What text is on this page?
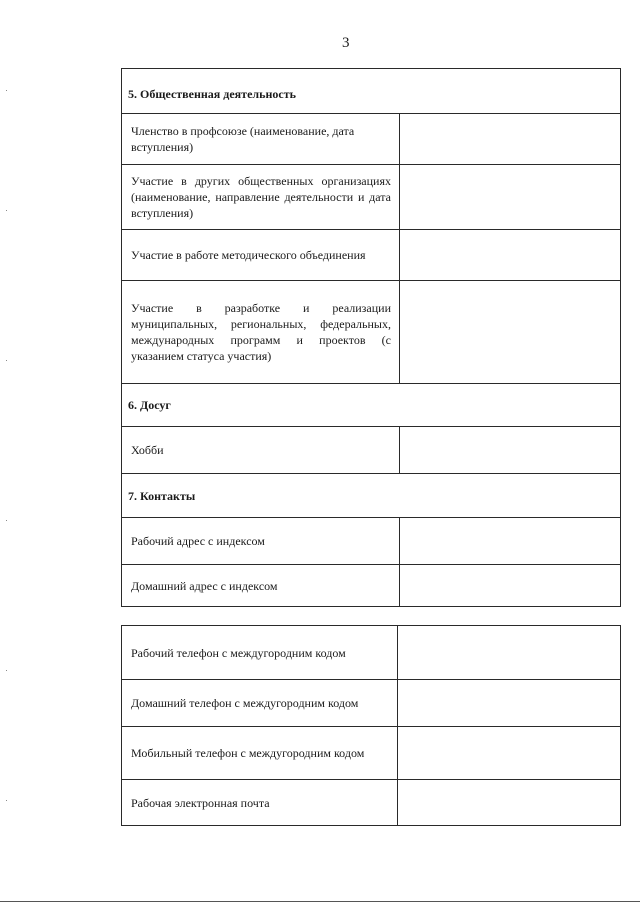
3
5. Общественная деятельность	
Членство в профсоюзе (наименование, дата вступления)	
Участие в других общественных организациях (наименование, направление деятельности и дата вступления)	
Участие в работе методического объединения	
Участие в разработке и реализации муниципальных, региональных, федеральных, международных программ и проектов (с указанием статуса участия)	
6. Досуг	
Хобби	
7. Контакты	
Рабочий адрес с индексом	
Домашний адрес с индексом	
Рабочий телефон с междугородним кодом	
Домашний телефон с междугородним кодом	
Мобильный телефон с междугородним кодом	
Рабочая электронная почта	
